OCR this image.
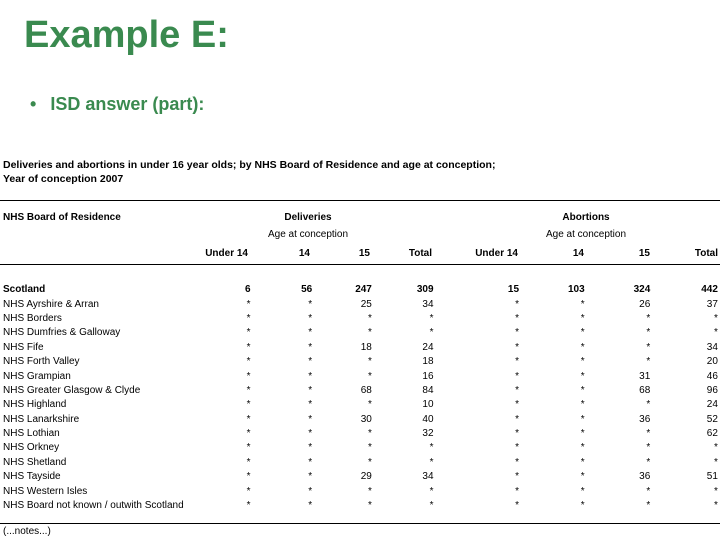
Example E:
• ISD answer (part):
Deliveries and abortions in under 16 year olds; by NHS Board of Residence and age at conception;
Year of conception 2007
NHS Board of Residence	Deliveries	Abortions
Age at conception	Age at conception
Under 14	14	15	Total	Under 14	14	15	Total
Scotland	6	56	247	309	15	103	324	442	
NHS Ayrshire & Arran	*	*	25	34	*	*	26	37	
NHS Borders	*	*	*	*	*	*	*	*	
NHS Dumfries & Galloway	*	*	*	*	*	*	*	*	
NHS Fife	*	*	18	24	*	*	*	34	
NHS Forth Valley	*	*	*	18	*	*	*	20	
NHS Grampian	*	*	*	16	*	*	31	46	
NHS Greater Glasgow & Clyde	*	*	68	84	*	*	68	96	
NHS Highland	*	*	*	10	*	*	*	24	
NHS Lanarkshire	*	*	30	40	*	*	36	52	
NHS Lothian	*	*	*	32	*	*	*	62	
NHS Orkney	*	*	*	*	*	*	*	*	
NHS Shetland	*	*	*	*	*	*	*	*	
NHS Tayside	*	*	29	34	*	*	36	51	
NHS Western Isles	*	*	*	*	*	*	*	*	
NHS Board not known / outwith Scotland	*	*	*	*	*	*	*	*	
(...notes...)
